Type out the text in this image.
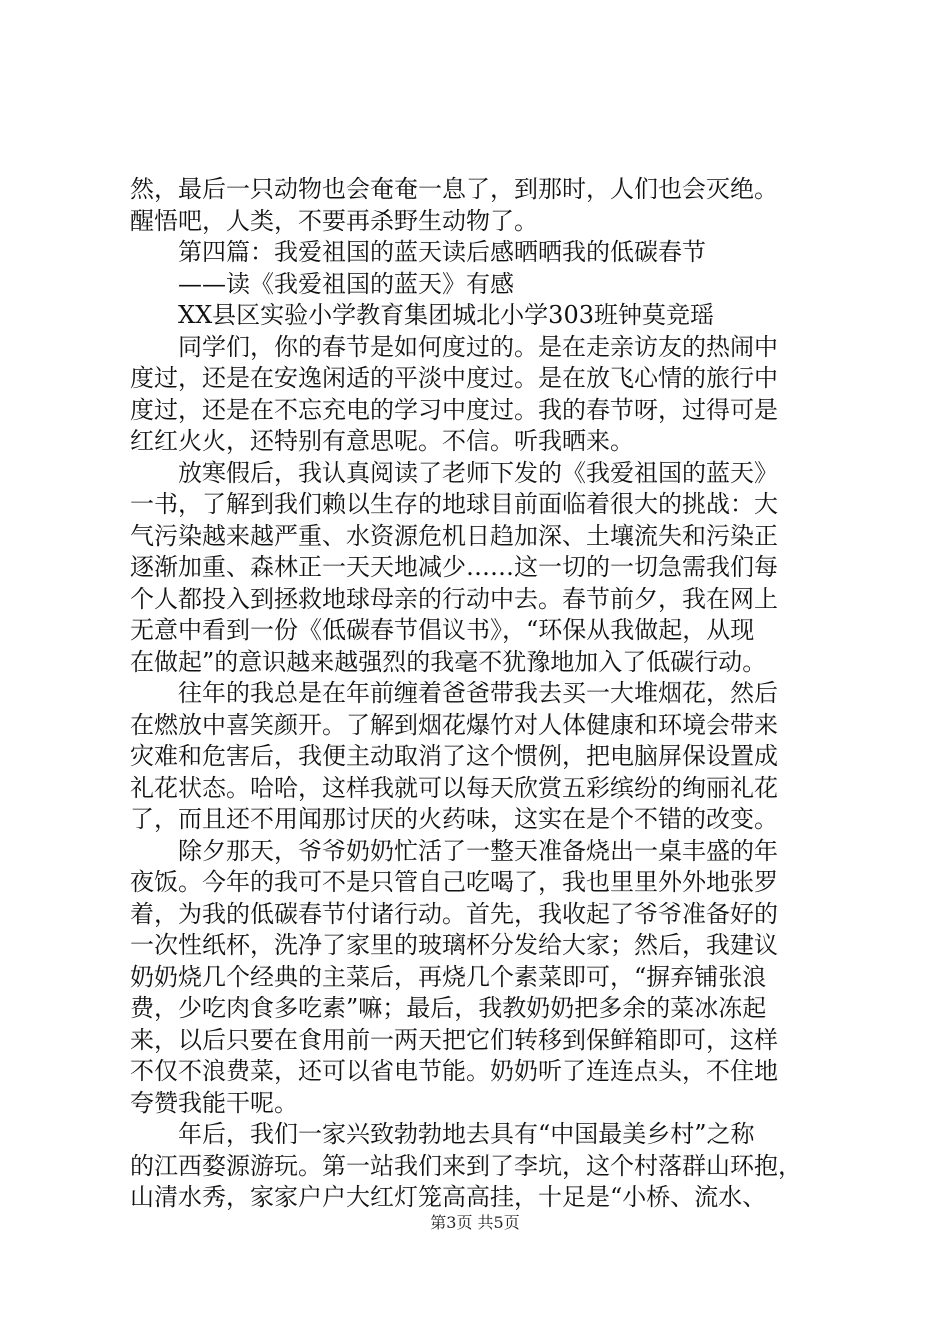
然，最后一只动物也会奄奄一息了，到那时，人们也会灭绝。
醒悟吧，人类，不要再杀野生动物了。
第四篇：我爱祖国的蓝天读后感晒晒我的低碳春节
——读《我爱祖国的蓝天》有感
XX县区实验小学教育集团城北小学303班钟莫竞瑶
同学们，你的春节是如何度过的。是在走亲访友的热闹中
度过，还是在安逸闲适的平淡中度过。是在放飞心情的旅行中
度过，还是在不忘充电的学习中度过。我的春节呀，过得可是
红红火火，还特别有意思呢。不信。听我晒来。
放寒假后，我认真阅读了老师下发的《我爱祖国的蓝天》
一书，了解到我们赖以生存的地球目前面临着很大的挑战：大
气污染越来越严重、水资源危机日趋加深、土壤流失和污染正
逐渐加重、森林正一天天地减少……这一切的一切急需我们每
个人都投入到拯救地球母亲的行动中去。春节前夕，我在网上
无意中看到一份《低碳春节倡议书》，“环保从我做起，从现
在做起”的意识越来越强烈的我毫不犹豫地加入了低碳行动。
往年的我总是在年前缠着爸爸带我去买一大堆烟花，然后
在燃放中喜笑颜开。了解到烟花爆竹对人体健康和环境会带来
灾难和危害后，我便主动取消了这个惯例，把电脑屏保设置成
礼花状态。哈哈，这样我就可以每天欣赏五彩缤纷的绚丽礼花
了，而且还不用闻那讨厌的火药味，这实在是个不错的改变。
除夕那天，爷爷奶奶忙活了一整天准备烧出一桌丰盛的年
夜饭。今年的我可不是只管自己吃喝了，我也里里外外地张罗
着，为我的低碳春节付诸行动。首先，我收起了爷爷准备好的
一次性纸杯，洗净了家里的玻璃杯分发给大家；然后，我建议
奶奶烧几个经典的主菜后，再烧几个素菜即可，“摒弃铺张浪
费，少吃肉食多吃素”嘛；最后，我教奶奶把多余的菜冰冻起
来，以后只要在食用前一两天把它们转移到保鲜箱即可，这样
不仅不浪费菜，还可以省电节能。奶奶听了连连点头，不住地
夸赞我能干呢。
年后，我们一家兴致勃勃地去具有“中国最美乡村”之称
的江西婺源游玩。第一站我们来到了李坑，这个村落群山环抱，
山清水秀，家家户户大红灯笼高高挂，十足是“小桥、流水、
第3页 共5页
